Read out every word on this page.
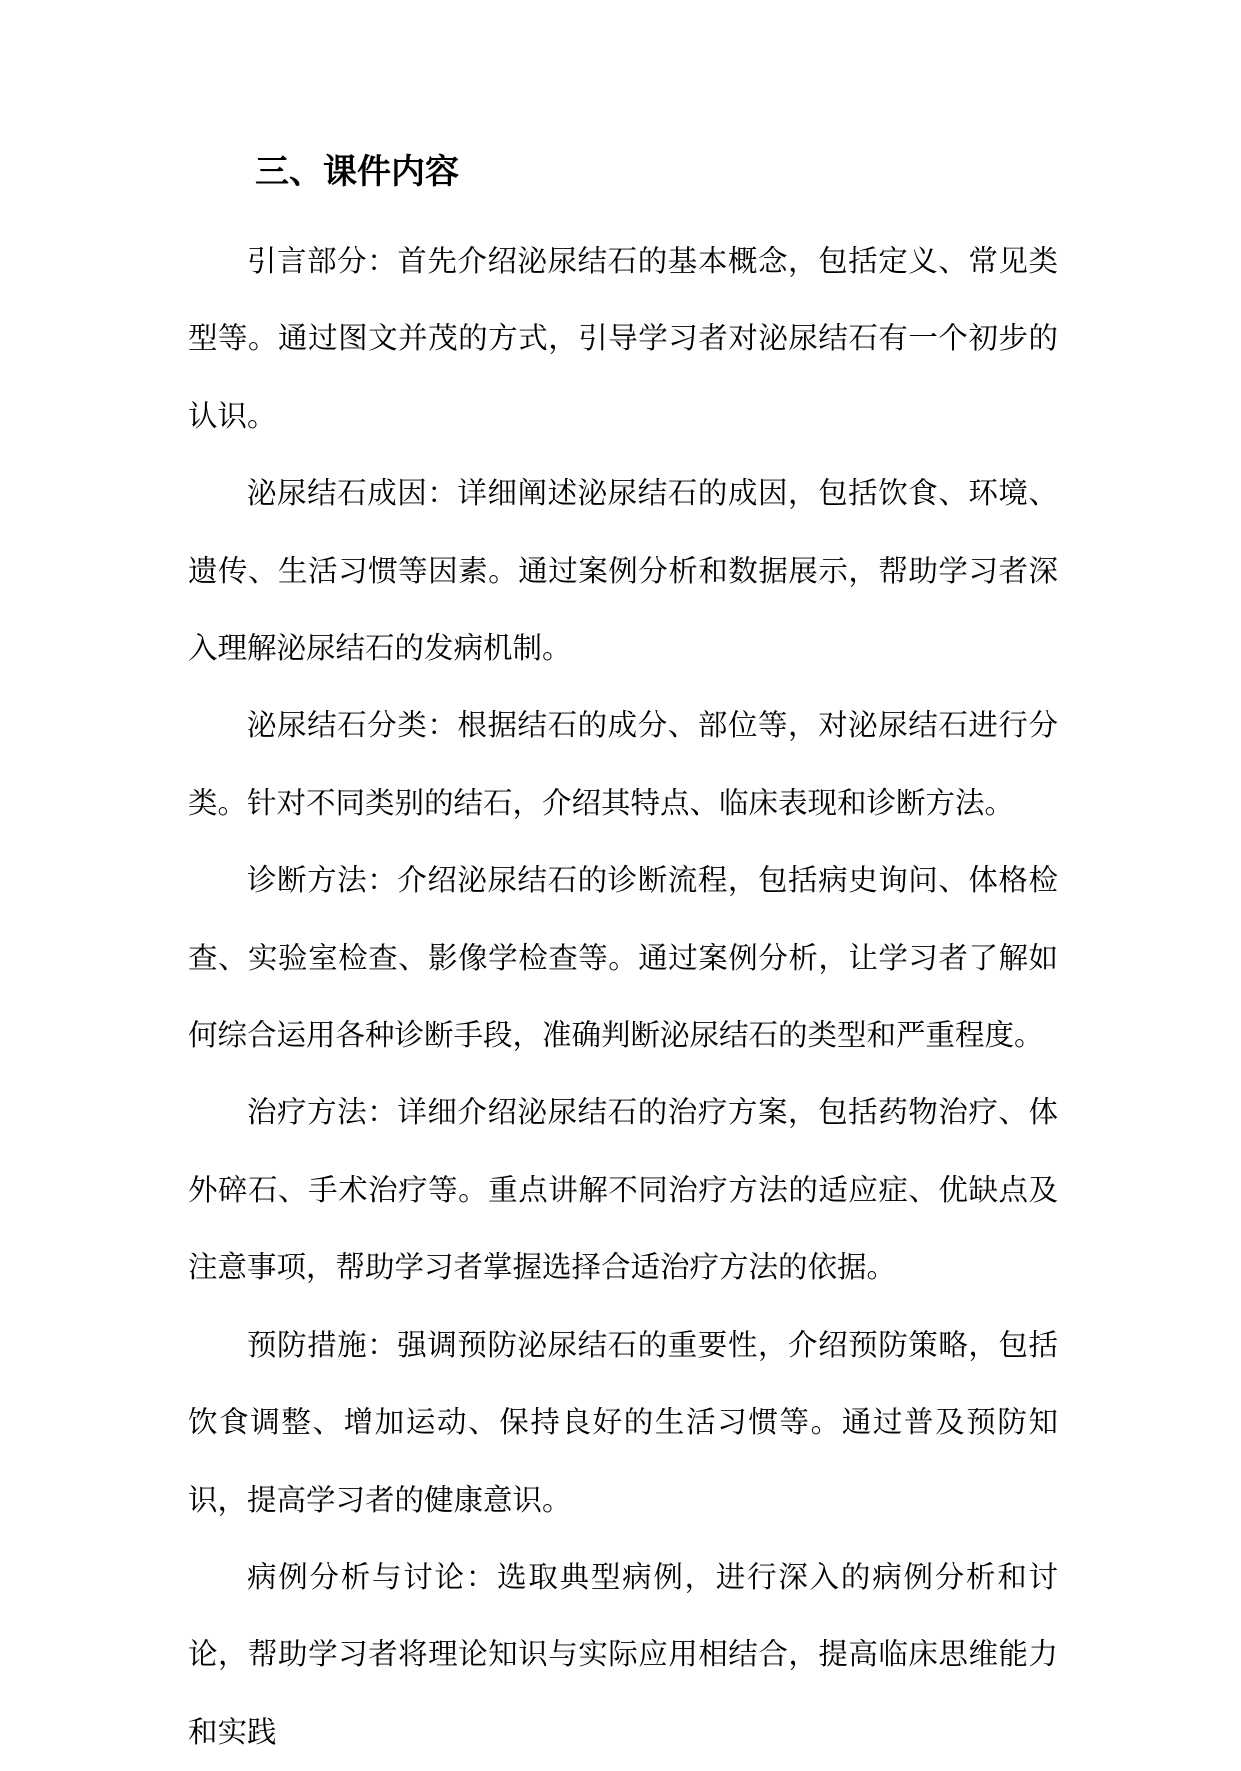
三、课件内容

引言部分：首先介绍泌尿结石的基本概念，包括定义、常见类型等。通过图文并茂的方式，引导学习者对泌尿结石有一个初步的认识。

泌尿结石成因：详细阐述泌尿结石的成因，包括饮食、环境、遗传、生活习惯等因素。通过案例分析和数据展示，帮助学习者深入理解泌尿结石的发病机制。

泌尿结石分类：根据结石的成分、部位等，对泌尿结石进行分类。针对不同类别的结石，介绍其特点、临床表现和诊断方法。

诊断方法：介绍泌尿结石的诊断流程，包括病史询问、体格检查、实验室检查、影像学检查等。通过案例分析，让学习者了解如何综合运用各种诊断手段，准确判断泌尿结石的类型和严重程度。

治疗方法：详细介绍泌尿结石的治疗方案，包括药物治疗、体外碎石、手术治疗等。重点讲解不同治疗方法的适应症、优缺点及注意事项，帮助学习者掌握选择合适治疗方法的依据。

预防措施：强调预防泌尿结石的重要性，介绍预防策略，包括饮食调整、增加运动、保持良好的生活习惯等。通过普及预防知识，提高学习者的健康意识。

病例分析与讨论：选取典型病例，进行深入的病例分析和讨论，帮助学习者将理论知识与实际应用相结合，提高临床思维能力和实践
